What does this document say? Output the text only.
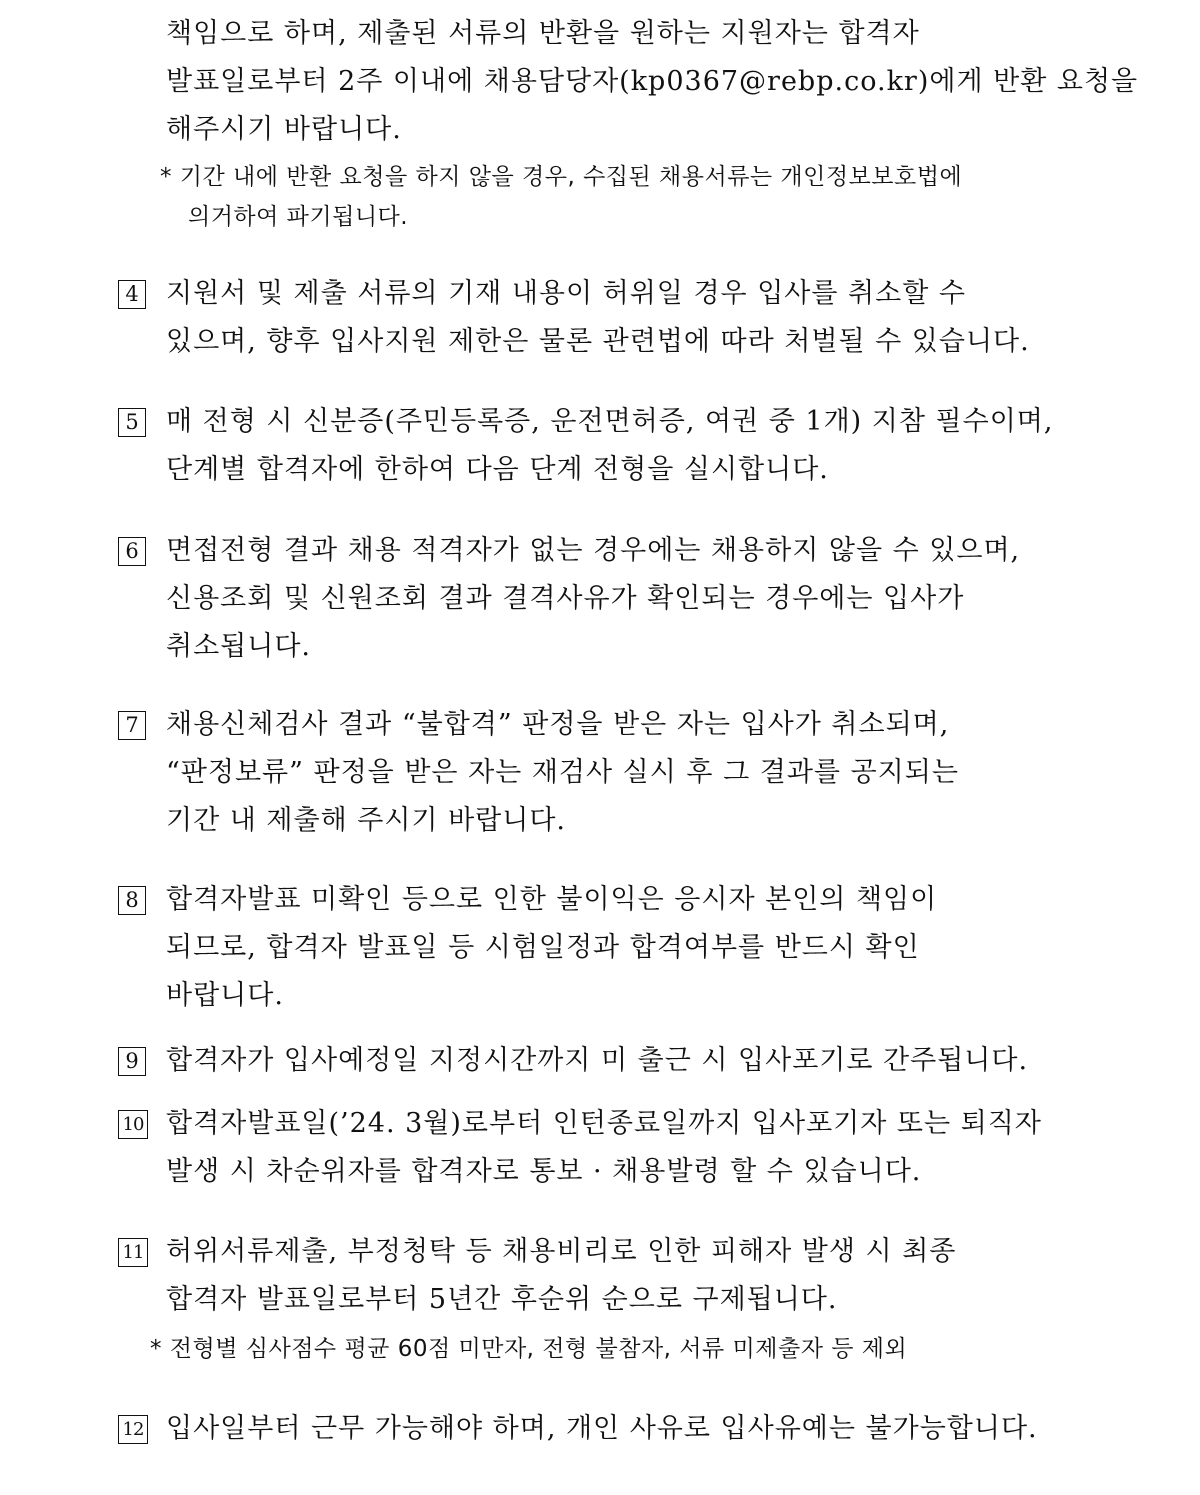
책임으로 하며, 제출된 서류의 반환을 원하는 지원자는 합격자
발표일로부터 2주 이내에 채용담당자(kp0367@rebp.co.kr)에게 반환 요청을
해주시기 바랍니다.
* 기간 내에 반환 요청을 하지 않을 경우, 수집된 채용서류는 개인정보보호법에
의거하여 파기됩니다.
4 지원서 및 제출 서류의 기재 내용이 허위일 경우 입사를 취소할 수
있으며, 향후 입사지원 제한은 물론 관련법에 따라 처벌될 수 있습니다.
5 매 전형 시 신분증(주민등록증, 운전면허증, 여권 중 1개) 지참 필수이며,
단계별 합격자에 한하여 다음 단계 전형을 실시합니다.
6 면접전형 결과 채용 적격자가 없는 경우에는 채용하지 않을 수 있으며,
신용조회 및 신원조회 결과 결격사유가 확인되는 경우에는 입사가
취소됩니다.
7 채용신체검사 결과 “불합격” 판정을 받은 자는 입사가 취소되며,
“판정보류” 판정을 받은 자는 재검사 실시 후 그 결과를 공지되는
기간 내 제출해 주시기 바랍니다.
8 합격자발표 미확인 등으로 인한 불이익은 응시자 본인의 책임이
되므로, 합격자 발표일 등 시험일정과 합격여부를 반드시 확인
바랍니다.
9 합격자가 입사예정일 지정시간까지 미 출근 시 입사포기로 간주됩니다.
10 합격자발표일(’24. 3월)로부터 인턴종료일까지 입사포기자 또는 퇴직자
발생 시 차순위자를 합격자로 통보 · 채용발령 할 수 있습니다.
11 허위서류제출, 부정청탁 등 채용비리로 인한 피해자 발생 시 최종
합격자 발표일로부터 5년간 후순위 순으로 구제됩니다.
* 전형별 심사점수 평균 60점 미만자, 전형 불참자, 서류 미제출자 등 제외
12 입사일부터 근무 가능해야 하며, 개인 사유로 입사유예는 불가능합니다.
